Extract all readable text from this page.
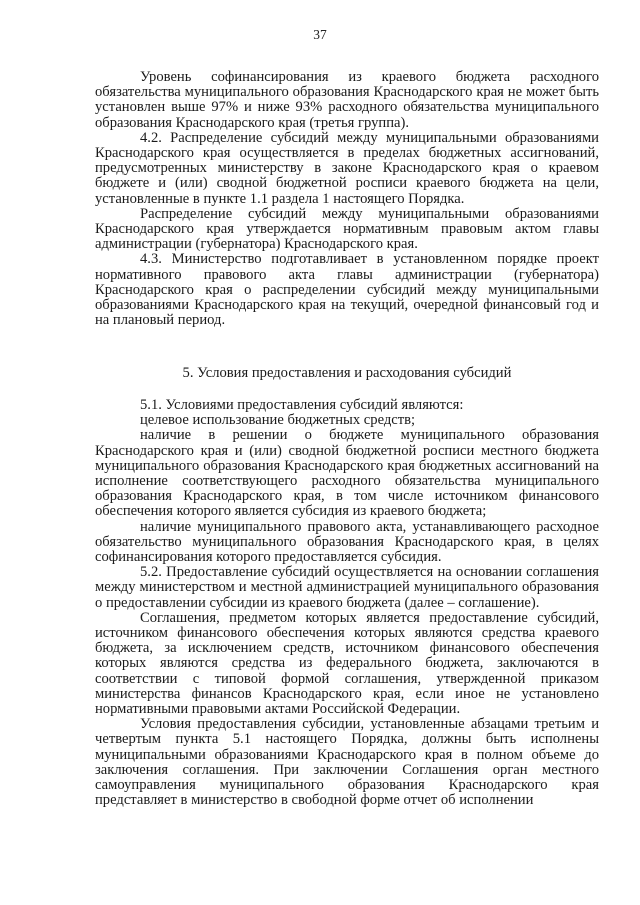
37

Уровень софинансирования из краевого бюджета расходного обязательства муниципального образования Краснодарского края не может быть установлен выше 97% и ниже 93% расходного обязательства муниципального образования Краснодарского края (третья группа).

4.2. Распределение субсидий между муниципальными образованиями Краснодарского края осуществляется в пределах бюджетных ассигнований, предусмотренных министерству в законе Краснодарского края о краевом бюджете и (или) сводной бюджетной росписи краевого бюджета на цели, установленные в пункте 1.1 раздела 1 настоящего Порядка.

Распределение субсидий между муниципальными образованиями Краснодарского края утверждается нормативным правовым актом главы администрации (губернатора) Краснодарского края.

4.3. Министерство подготавливает в установленном порядке проект нормативного правового акта главы администрации (губернатора) Краснодарского края о распределении субсидий между муниципальными образованиями Краснодарского края на текущий, очередной финансовый год и на плановый период.

5. Условия предоставления и расходования субсидий

5.1. Условиями предоставления субсидий являются:

целевое использование бюджетных средств;

наличие в решении о бюджете муниципального образования Краснодарского края и (или) сводной бюджетной росписи местного бюджета муниципального образования Краснодарского края бюджетных ассигнований на исполнение соответствующего расходного обязательства муниципального образования Краснодарского края, в том числе источником финансового обеспечения которого является субсидия из краевого бюджета;

наличие муниципального правового акта, устанавливающего расходное обязательство муниципального образования Краснодарского края, в целях софинансирования которого предоставляется субсидия.

5.2. Предоставление субсидий осуществляется на основании соглашения между министерством и местной администрацией муниципального образования о предоставлении субсидии из краевого бюджета (далее – соглашение).

Соглашения, предметом которых является предоставление субсидий, источником финансового обеспечения которых являются средства краевого бюджета, за исключением средств, источником финансового обеспечения которых являются средства из федерального бюджета, заключаются в соответствии с типовой формой соглашения, утвержденной приказом министерства финансов Краснодарского края, если иное не установлено нормативными правовыми актами Российской Федерации.

Условия предоставления субсидии, установленные абзацами третьим и четвертым пункта 5.1 настоящего Порядка, должны быть исполнены муниципальными образованиями Краснодарского края в полном объеме до заключения соглашения. При заключении Соглашения орган местного самоуправления муниципального образования Краснодарского края представляет в министерство в свободной форме отчет об исполнении
